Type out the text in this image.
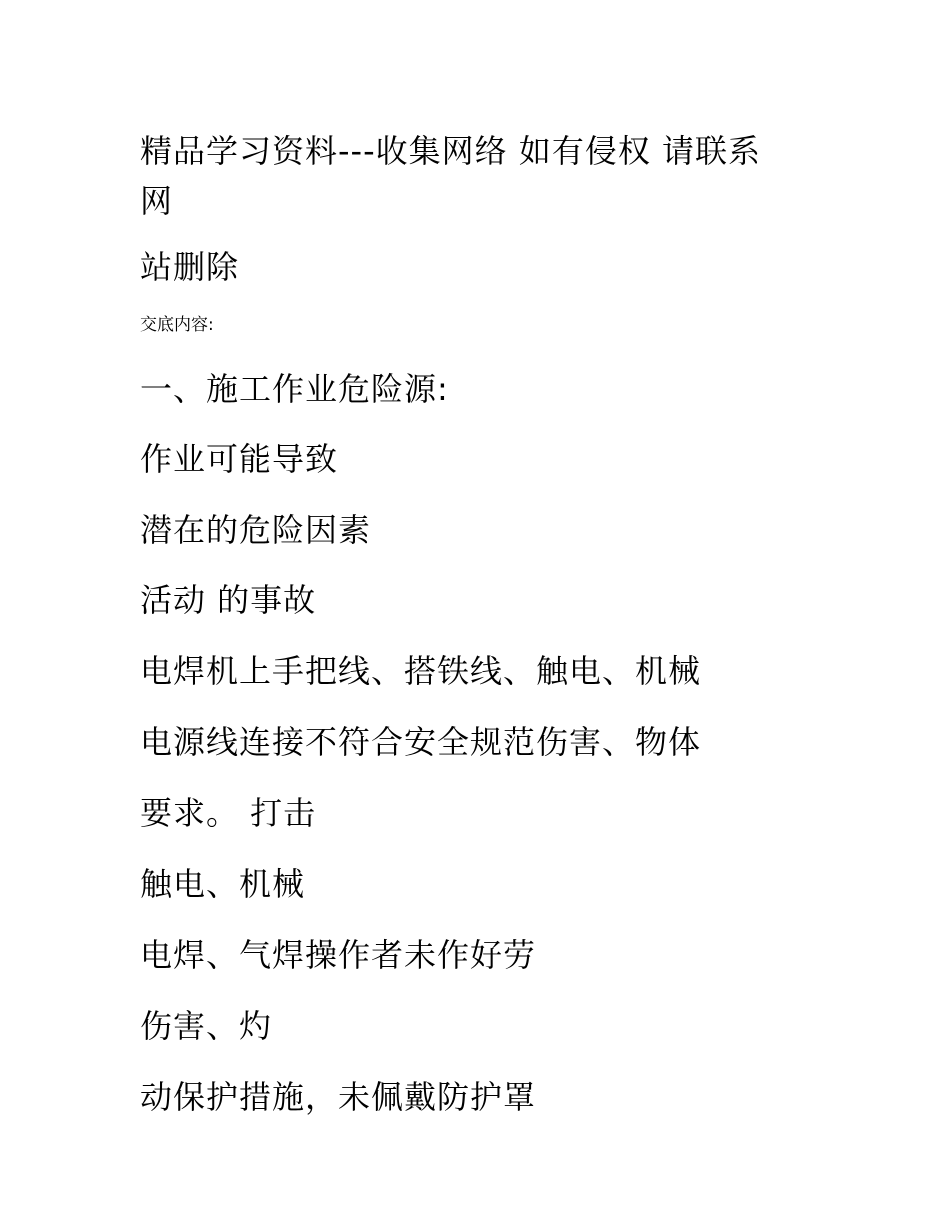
精品学习资料---收集网络 如有侵权 请联系
网

站删除

交底内容:

一、施工作业危险源:

作业可能导致

潜在的危险因素

活动 的事故

电焊机上手把线、搭铁线、触电、机械

电源线连接不符合安全规范伤害、物体

要求。 打击

触电、机械

电焊、气焊操作者未作好劳

伤害、灼

动保护措施，未佩戴防护罩
